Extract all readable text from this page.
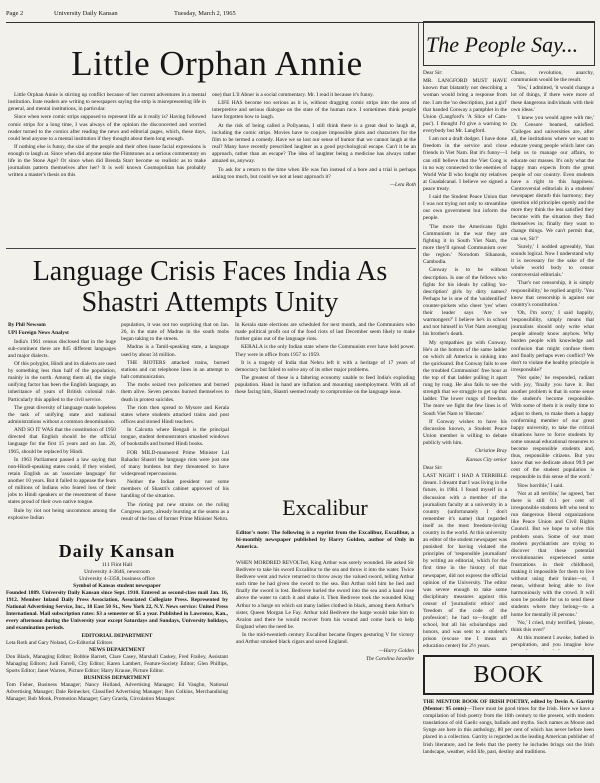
Page 2	University Daily Kansan	Tuesday, March 2, 1965
Little Orphan Annie

Little Orphan Annie is stirring up conflict because of her current adventures in a mental institution. Irate readers are writing to newspapers saying the strip is misrepresenting life in general, and mental institutions, in particular.

Since when were comic strips supposed to represent life as it really is? Having followed comic strips for a long time, I was always of the opinion the disconcerted and worried reader turned to the comics after reading the news and editorial pages, which, these days, could lend anyone to a mental institution if they thought about them long enough.

If nothing else is funny, the size of the people and their often inane facial expressions is enough to laugh at. Since when did anyone take the Flintstones as a serious commentary on life in the Stone Age? Or since when did Brenda Starr become so realistic as to make journalists pattern themselves after her? It is well known Cosmopolitan has probably written a master's thesis on this

one) that L'il Abner is a social commentary. Mr. I read it because it's funny.

LIFE HAS become too serious as it is, without dragging comic strips into the area of interpretive and serious dialogue on the state of the human race. I sometimes think people have forgotten how to laugh.

At the risk of being called a Pollyanna, I still think there is a great deal to laugh at, including the comic strips. Movies have to conjure impossible plots and characters for the film to be termed a comedy. Have we so lost our sense of humor that we cannot laugh at the real? Many have recently prescribed laughter as a good psychological escape. Can't it be an approach, rather than an escape? The idea of laughter being a medicine has always rather amazed us, anyway.

To ask for a return to the time when life was fun instead of a bore and a trial is perhaps asking too much, but could we not at least approach it?

—Leta Roth

Language Crisis Faces India As Shastri Attempts Unity

By Phil Newsom

UPI Foreign News Analyst

India's 1961 census disclosed that in the huge sub-continent there are 845 different languages and major dialects.

Of this polyglot, Hindi and its dialects are used by something less than half of the population, mainly in the north. Among them all, the single unifying factor has been the English language, an inheritance of years of British colonial rule. Particularly this applied to the civil service.

The great diversity of language made hopeless the task of unifying state and national administrations without a common denomination.

AND SO IT WAS that the constitution of 1950 directed that English should be the official language for the first 15 years and on Jan. 26, 1965, should be replaced by Hindi.

In 1963 Parliament passed a law saying that non-Hindi-speaking states could, if they wished, retain English as an 'associate language' for another 10 years. But it failed to appease the fears of millions of Indians who feared loss of their jobs to Hindi speakers or the resentment of those states proud of their own native tongue.

Rule by riot not being uncommon among the explosive Indian

population, it was not too surprising that on Jan. 26, in the state of Madras in the south mobs began taking to the streets.

Madras is a Tamil-speaking state, a language used by about 34 million.

THE RIOTERS attacked trains, burned stations and cut telephone lines in an attempt to halt communication.

The mobs seized two policemen and burned them alive. Seven persons burned themselves to death in protest suicides.

The riots then spread to Mysore and Kerala states where students attacked trains and post offices and stoned Hindi teachers.

In Calcutta where Bengali is the principal tongue, student demonstrators smashed windows of bookstalls and burned Hindi books.

FOR MILD-mannered Prime Minister Lal Bahadur Shastri the language riots were just one of many burdens but they threatened to have widespread repercussions.

Neither the Indian president nor some members of Shastri's cabinet approved of his handling of the situation.

The rioting put new strains on the ruling Congress party, already bursting at the seams as a result of the loss of former Prime Minister Nehru.

In Kerala state elections are scheduled for next month, and the Communists who made political profit out of the food riots of last December seem likely to make further gains out of the language riots.

KERALA is the only Indian state where the Communists ever have held power. They were in office from 1957 to 1959.

It is a tragedy of India that Nehru left it with a heritage of 17 years of democracy but failed to solve any of its other major problems.

The greatest of these is a faltering economy unable to feed India's exploding population. Hand in hand are inflation and mounting unemployment. With all of these facing him, Shastri seemed ready to compromise on the language issue.

Excalibur
Editor's note: The following is a reprint from the Excalibur, Excalibur, a bi-monthly newspaper published by Harry Golden, author of Only in America.

WHEN MORDRED REVOLTed, King Arthur was sorely wounded. He asked Sir Bedivere to take his sword Excalibur to the sea and throw it into the water. Twice Bedivere went and twice returned to throw away the valued sword, telling Arthur each time he had given the sword to the sea. But Arthur told him he lied and finally the sword is lost. Bedivere hurled the sword into the sea and a hand rose above the water to catch it and shake it. Then Bedivere took the wounded King Arthur to a barge on which sat many ladies clothed in black, among them Arthur's sister, Queen Morgan Le Fay. Arthur told Bedivere the barge would take him to Avalon and there he would recover from his wound and come back to help England when the need be.

In the mid-twentieth century Excalibur became fingers gesturing V for victory and Arthur smoked black cigars and saved England.

—Harry Golden

The Carolina Israelite

Daily Kansan
111 Flint Hall
University 4-3646, newsroom
University 4-3358, business office
Symbol of Kansas student newspaper
Founded 1889. University Daily Kansan since Sept. 1910. Entered as second-class mail Jan. 16, 1912. Member Inland Daily Press Association, Associated Collegiate Press. Represented by National Advertising Service, Inc., 18 East 50 St., New York 22, N.Y. News service: United Press International. Mail subscription rates: $3 a semester or $5 a year. Published in Lawrence, Kan., every afternoon during the University year except Saturdays and Sundays, University holidays, and examination periods.
EDITORIAL DEPARTMENT
Leta Roth and Gary Noland, Co-Editorial Editors
NEWS DEPARTMENT
Don Black, Managing Editor; Bobbie Barrett, Clare Casey, Marshall Caskey, Fred Frailey, Assistant Managing Editors; Judi Farrell, City Editor; Karen Lambert, Feature-Society Editor; Glen Phillips, Sports Editor; Janet Warren, Picture Editor; Harry Krause, Picture Editor.
BUSINESS DEPARTMENT
Tom Fisher, Business Manager; Nancy Holland, Advertising Manager; Ed Vaughn, National Advertising Manager; Dale Reinecker, Classified Advertising Manager; Ron Colkins, Merchandising Manager; Bob Monk, Promotion Manager; Gary Grarda, Circulation Manager.
The People Say...

Dear Sir:

MR. LANGFORD MUST HAVE known that blatantly not describing a woman would bring a response from me. I am the 'no description, just a girl' that handed Conway a pamphlet in the Union (Langford's 'A Slice of Cam-pus'). I thought I'd give a warning to everybody but Mr. Langford.

I am not a draft dodger. I have done freedom in the service and close friends in Viet Nam. But it's funny—I can still believe that the Viet Cong is in no way connected to the enemies of World War II who fought my relatives at Guadalcanal. I believe we signed a peace treaty.

I said the Student Peace Union that I was not trying not only to streamline our own government but inform the people.

'The more the Americans fight Communism in the war they are fighting it in South Viet Nam, the more they'll spread Communism over the region.' Norodom Sihanouk, Cambodia.

Conway is to be without description. Is one of the fellows who fights for his ideals by calling 'no-description' girls by dirty names? Perhaps he is one of the 'unidentified' counter-pickets who cheer 'yes' when their leader says 'Are we warmongers?' I believe he's in school and not himself in Viet Nam avenging his brother's death.

My sympathies go with Conway. He's at the bottom of the same ladder on which all America is sinking into the quicksand. But Conway fails to see the troubled Communists' free hour at the top of that ladder pulling it apart rung by rung. He also fails to see the strength that we struggle to get up that ladder. The lower rungs of freedom. The more we fight the few lines is of South Viet Nam to 'liberate.'

If Conway wishes to have his discussion known, a Student Peace Union member is willing to debate publicly with him.

Christine Bray

Kansas City senior

Dear Sir:

LAST NIGHT I HAD A TERRIBLE dream. I dreamt that I was living in the future, in 1984. I found myself in a discussion with a member of the journalism faculty at a university in a country (unfortunately I don't remember it's name) that regarded itself as the most freedom-loving country in the world. At this university an editor of the student newspaper was punished for having violated the principles of 'responsible journalism' by writing an editorial, which for the first time in the history of that newspaper, did not express the official opinion of the University. The editor was severe enough to take some disciplinary measures against this censor of 'journalistic ethics' and 'freedom of the code of the profession'; he had to—fought off school, but all his scholarships and honors, and was sent to a student's prison (excuse me I mean an education center) for 2½ years.

Chaos, revolution, anarchy, communism would be the result.

'Yes,' I admitted, 'it would change a lot of things, if there were more of these dangerous individuals with their own ideas.'

'I knew you would agree with me,' Dr. Censore beamed, satisfied. 'Colleges and universities are, after all, the institutions where we want to educate young people which later can help us to manage our affairs, to educate our masses. It's only what the happy man expects from the great people of our country. Even students have a right to this happiness. Controversial editorials in a students' newspaper disturb this harmony; they question old principles openly and the more they think the less satisfied they become with the situation they find themselves in; finally they want to change things. We can't permit that, can we, Sir?'

'Surely,' I nodded agreeably, 'that sounds logical. Now I understand why it is necessary for the sake of the whole world body to censor controversial editorials.'

'That's not censorship, it is simply responsibility,' he replied angrily. 'You know that censorship is against our country's constitution.'

'Oh, I'm sorry,' I said happily, 'responsibility, simply means that journalists should only write what people already know anyhow. Why burden people with knowledge and confusion that might confuse them and finally perhaps even conflict? We don't to violate the healthy principle is irresponsible?'

'Not quite,' he responded, radiant with joy, 'finally you have it. But another problem is that in some sense the student's become responsible. With some of them it is really time to adjust to them, to make them a happy conforming member of our great happy university, to take the critical situations have to force students by some unusual educational measures to become responsible students and, thus, responsible citizens. But you know that we dedicate about 99.9 per cent of the student population is responsible in this sense of the word.'

'How horrible,' I said.

'Not at all terrible,' he agreed, 'but there is still 0.1 per cent of irresponsible students left who tend to run dangerous liberal organizations like Peace Union and Civil Rights Council. But we hope to solve this problem soon. Some of our most modern psychiatrists are trying to discover that these potential revolutionaries experienced some frustrations in their childhood, making it impossible for them to live without using their brains—or, I mean, without being able to live harmoniously with the crowd. It will soon be possible for us to send these students where they belong—to a home for mentally ill persons.'

'No,' I cried, truly terrified, 'please, think this over!'

At this moment I awoke, bathed in perspiration, and you imagine how

BOOK

THE MENTOR BOOK OF IRISH POETRY, edited by Devin A. Garrity (Mentor: 95 cents)—There must be good times for the Irish. Here we have a compilation of Irish poetry from the 18th century to the present, with modern translations of old Gaelic songs, ballads and myths. Such names as Moore and Synge are here in this anthology, 80 per cent of which has never before been placed in a collection. Garrity is regarded as the leading American publisher of Irish literature, and he feels that the poetry he includes brings out the Irish landscape, weather, wild life, past, destiny and traditions.
